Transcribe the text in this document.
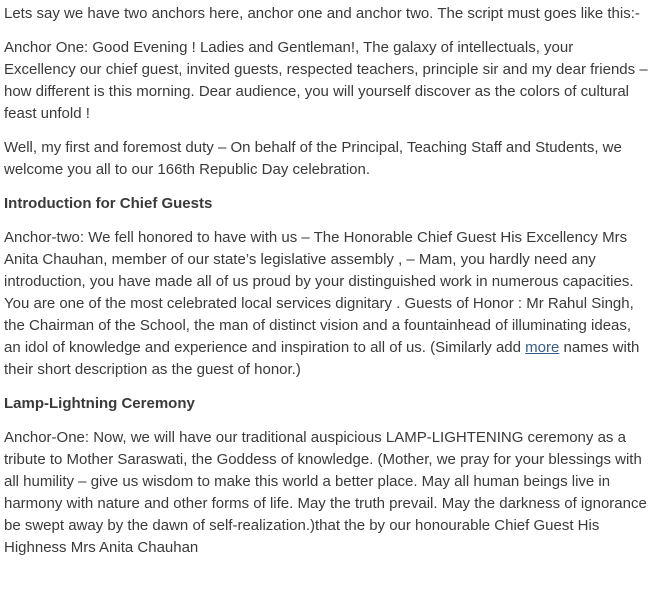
Lets say we have two anchors here, anchor one and anchor two. The script must goes like this:-

Anchor One: Good Evening ! Ladies and Gentleman!, The galaxy of intellectuals, your Excellency our chief guest, invited guests, respected teachers, principle sir and my dear friends – how different is this morning. Dear audience, you will yourself discover as the colors of cultural feast unfold !

Well, my first and foremost duty – On behalf of the Principal, Teaching Staff and Students, we welcome you all to our 166th Republic Day celebration.

Introduction for Chief Guests

Anchor-two: We fell honored to have with us – The Honorable Chief Guest His Excellency Mrs Anita Chauhan, member of our state’s legislative assembly , – Mam, you hardly need any introduction, you have made all of us proud by your distinguished work in numerous capacities. You are one of the most celebrated local services dignitary . Guests of Honor : Mr Rahul Singh, the Chairman of the School, the man of distinct vision and a fountainhead of illuminating ideas, an idol of knowledge and experience and inspiration to all of us. (Similarly add more names with their short description as the guest of honor.)

Lamp-Lightning Ceremony

Anchor-One: Now, we will have our traditional auspicious LAMP-LIGHTENING ceremony as a tribute to Mother Saraswati, the Goddess of knowledge. (Mother, we pray for your blessings with all humility – give us wisdom to make this world a better place. May all human beings live in harmony with nature and other forms of life. May the truth prevail. May the darkness of ignorance be swept away by the dawn of self-realization.)that the by our honourable Chief Guest His Highness Mrs Anita Chauhan
